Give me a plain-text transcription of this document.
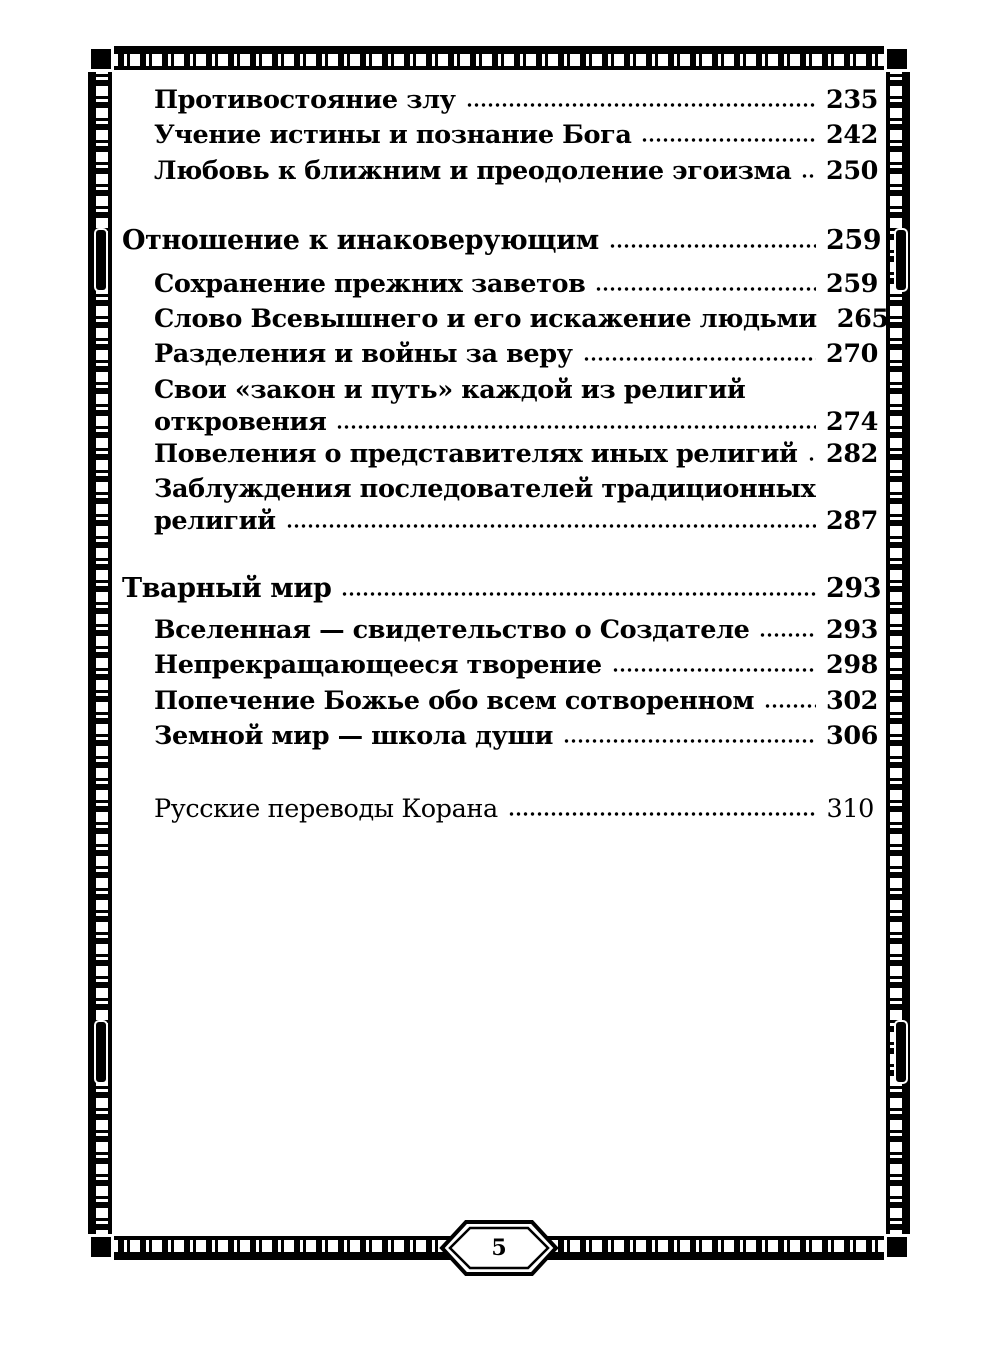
Противостояние злу	235
Учение истины и познание Бога	242
Любовь к ближним и преодоление эгоизма 250
Отношение к инаковерующим	259
Сохранение прежних заветов	259
Слово Всевышнего и его искажение людьми 265
Разделения и войны за веру	270
Свои «закон и путь» каждой из религий
откровения	274
Повеления о представителях иных религий 282
Заблуждения последователей традиционных
религий	287
Тварный мир	293
Вселенная — свидетельство о Создателе	293
Непрекращающееся творение	298
Попечение Божье обо всем сотворенном	302
Земной мир — школа души	306
Русские переводы Корана	310
5
